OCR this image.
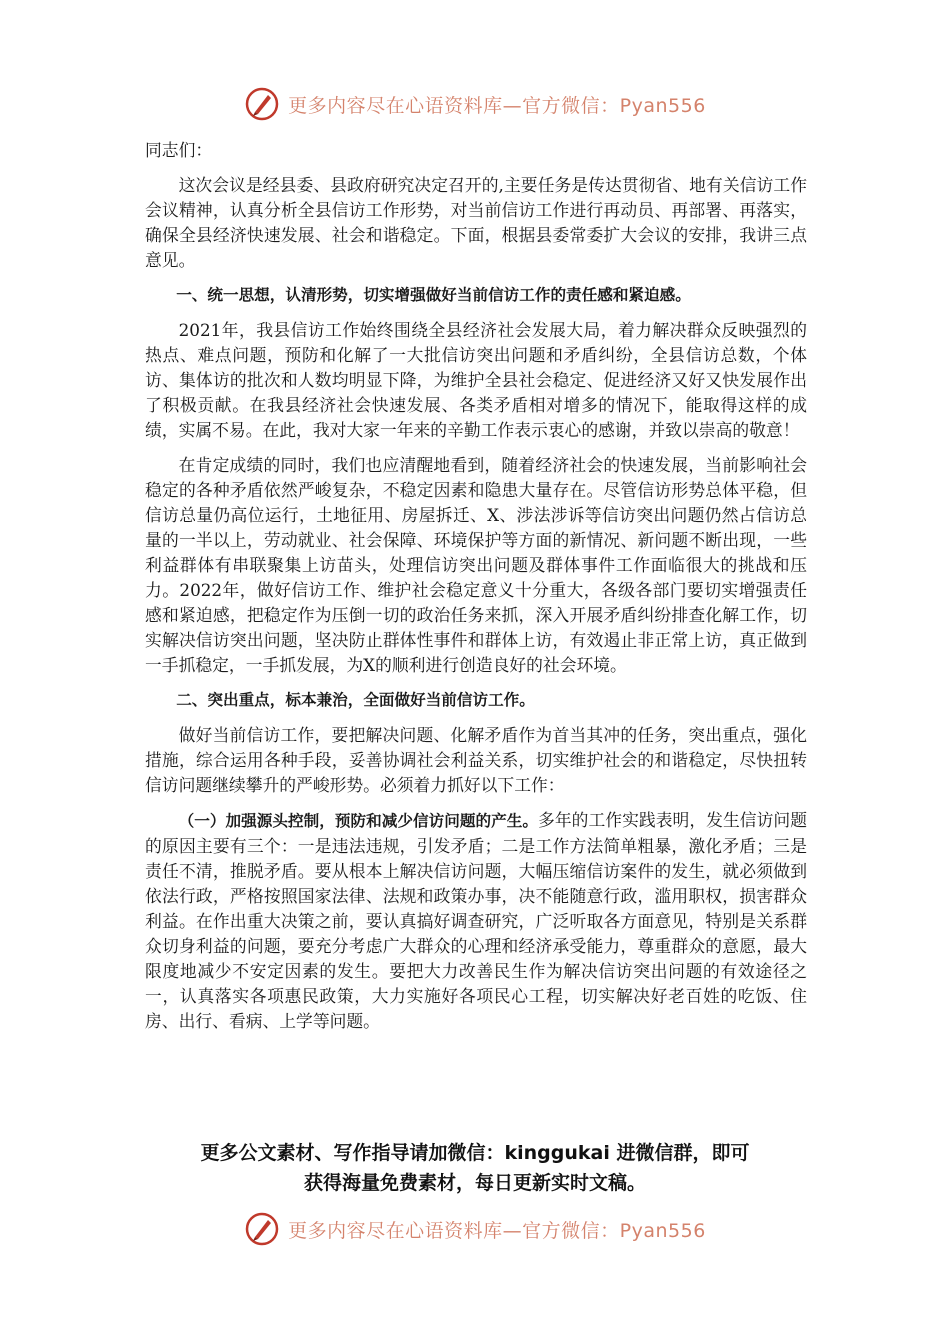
更多内容尽在心语资料库—官方微信：Pyan556

同志们：

这次会议是经县委、县政府研究决定召开的,主要任务是传达贯彻省、地有关信访工作会议精神，认真分析全县信访工作形势，对当前信访工作进行再动员、再部署、再落实，确保全县经济快速发展、社会和谐稳定。下面，根据县委常委扩大会议的安排，我讲三点意见。

一、统一思想，认清形势，切实增强做好当前信访工作的责任感和紧迫感。

2021年，我县信访工作始终围绕全县经济社会发展大局，着力解决群众反映强烈的热点、难点问题，预防和化解了一大批信访突出问题和矛盾纠纷，全县信访总数，个体访、集体访的批次和人数均明显下降，为维护全县社会稳定、促进经济又好又快发展作出了积极贡献。在我县经济社会快速发展、各类矛盾相对增多的情况下，能取得这样的成绩，实属不易。在此，我对大家一年来的辛勤工作表示衷心的感谢，并致以崇高的敬意！

在肯定成绩的同时，我们也应清醒地看到，随着经济社会的快速发展，当前影响社会稳定的各种矛盾依然严峻复杂，不稳定因素和隐患大量存在。尽管信访形势总体平稳，但信访总量仍高位运行，土地征用、房屋拆迁、X、涉法涉诉等信访突出问题仍然占信访总量的一半以上，劳动就业、社会保障、环境保护等方面的新情况、新问题不断出现，一些利益群体有串联聚集上访苗头，处理信访突出问题及群体事件工作面临很大的挑战和压力。2022年，做好信访工作、维护社会稳定意义十分重大，各级各部门要切实增强责任感和紧迫感，把稳定作为压倒一切的政治任务来抓，深入开展矛盾纠纷排查化解工作，切实解决信访突出问题，坚决防止群体性事件和群体上访，有效遏止非正常上访，真正做到一手抓稳定，一手抓发展，为X的顺利进行创造良好的社会环境。

二、突出重点，标本兼治，全面做好当前信访工作。

做好当前信访工作，要把解决问题、化解矛盾作为首当其冲的任务，突出重点，强化措施，综合运用各种手段，妥善协调社会利益关系，切实维护社会的和谐稳定，尽快扭转信访问题继续攀升的严峻形势。必须着力抓好以下工作：

（一）加强源头控制，预防和减少信访问题的产生。多年的工作实践表明，发生信访问题的原因主要有三个：一是违法违规，引发矛盾；二是工作方法简单粗暴，激化矛盾；三是责任不清，推脱矛盾。要从根本上解决信访问题，大幅压缩信访案件的发生，就必须做到依法行政，严格按照国家法律、法规和政策办事，决不能随意行政，滥用职权，损害群众利益。在作出重大决策之前，要认真搞好调查研究，广泛听取各方面意见，特别是关系群众切身利益的问题，要充分考虑广大群众的心理和经济承受能力，尊重群众的意愿，最大限度地减少不安定因素的发生。要把大力改善民生作为解决信访突出问题的有效途径之一，认真落实各项惠民政策，大力实施好各项民心工程，切实解决好老百姓的吃饭、住房、出行、看病、上学等问题。

更多公文素材、写作指导请加微信：kinggukai 进微信群，即可
获得海量免费素材，每日更新实时文稿。
更多内容尽在心语资料库—官方微信：Pyan556
